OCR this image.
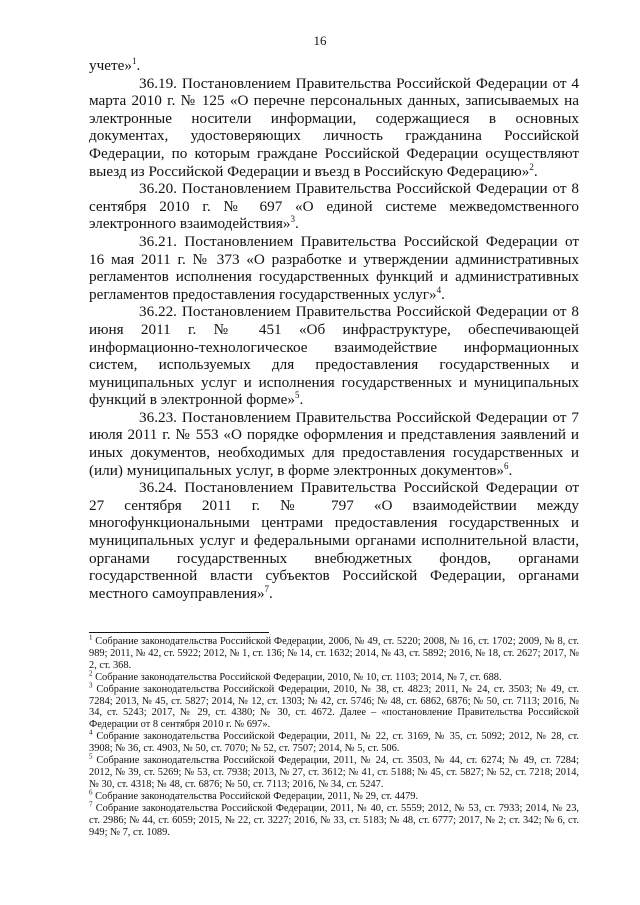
16

учете»$^1$.

36.19. Постановлением Правительства Российской Федерации от 4 марта 2010 г. № 125 «О перечне персональных данных, записываемых на электронные носители информации, содержащиеся в основных документах, удостоверяющих личность гражданина Российской Федерации, по которым граждане Российской Федерации осуществляют выезд из Российской Федерации и въезд в Российскую Федерацию»$^2$.

36.20. Постановлением Правительства Российской Федерации от 8 сентября 2010 г. № 697 «О единой системе межведомственного электронного взаимодействия»$^3$.

36.21. Постановлением Правительства Российской Федерации от 16 мая 2011 г. № 373 «О разработке и утверждении административных регламентов исполнения государственных функций и административных регламентов предоставления государственных услуг»$^4$.

36.22. Постановлением Правительства Российской Федерации от 8 июня 2011 г. № 451 «Об инфраструктуре, обеспечивающей информационно-технологическое взаимодействие информационных систем, используемых для предоставления государственных и муниципальных услуг и исполнения государственных и муниципальных функций в электронной форме»$^5$.

36.23. Постановлением Правительства Российской Федерации от 7 июля 2011 г. № 553 «О порядке оформления и представления заявлений и иных документов, необходимых для предоставления государственных и (или) муниципальных услуг, в форме электронных документов»$^6$.

36.24. Постановлением Правительства Российской Федерации от 27 сентября 2011 г. № 797 «О взаимодействии между многофункциональными центрами предоставления государственных и муниципальных услуг и федеральными органами исполнительной власти, органами государственных внебюджетных фондов, органами государственной власти субъектов Российской Федерации, органами местного самоуправления»$^7$.

$^1$ Собрание законодательства Российской Федерации, 2006, № 49, ст. 5220; 2008, № 16, ст. 1702; 2009, № 8, ст. 989; 2011, № 42, ст. 5922; 2012, № 1, ст. 136; № 14, ст. 1632; 2014, № 43, ст. 5892; 2016, № 18, ст. 2627; 2017, № 2, ст. 368.

$^2$ Собрание законодательства Российской Федерации, 2010, № 10, ст. 1103; 2014, № 7, ст. 688.

$^3$ Собрание законодательства Российской Федерации, 2010, № 38, ст. 4823; 2011, № 24, ст. 3503; № 49, ст. 7284; 2013, № 45, ст. 5827; 2014, № 12, ст. 1303; № 42, ст. 5746; № 48, ст. 6862, 6876; № 50, ст. 7113; 2016, № 34, ст. 5243; 2017, № 29, ст. 4380; № 30, ст. 4672. Далее – «постановление Правительства Российской Федерации от 8 сентября 2010 г. № 697».

$^4$ Собрание законодательства Российской Федерации, 2011, № 22, ст. 3169, № 35, ст. 5092; 2012, № 28, ст. 3908; № 36, ст. 4903, № 50, ст. 7070; № 52, ст. 7507; 2014, № 5, ст. 506.

$^5$ Собрание законодательства Российской Федерации, 2011, № 24, ст. 3503, № 44, ст. 6274; № 49, ст. 7284; 2012, № 39, ст. 5269; № 53, ст. 7938; 2013, № 27, ст. 3612; № 41, ст. 5188; № 45, ст. 5827; № 52, ст. 7218; 2014, № 30, ст. 4318; № 48, ст. 6876; № 50, ст. 7113; 2016, № 34, ст. 5247.

$^6$ Собрание законодательства Российской Федерации, 2011, № 29, ст. 4479.

$^7$ Собрание законодательства Российской Федерации, 2011, № 40, ст. 5559; 2012, № 53, ст. 7933; 2014, № 23, ст. 2986; № 44, ст. 6059; 2015, № 22, ст. 3227; 2016, № 33, ст. 5183; № 48, ст. 6777; 2017, № 2; ст. 342; № 6, ст. 949; № 7, ст. 1089.
